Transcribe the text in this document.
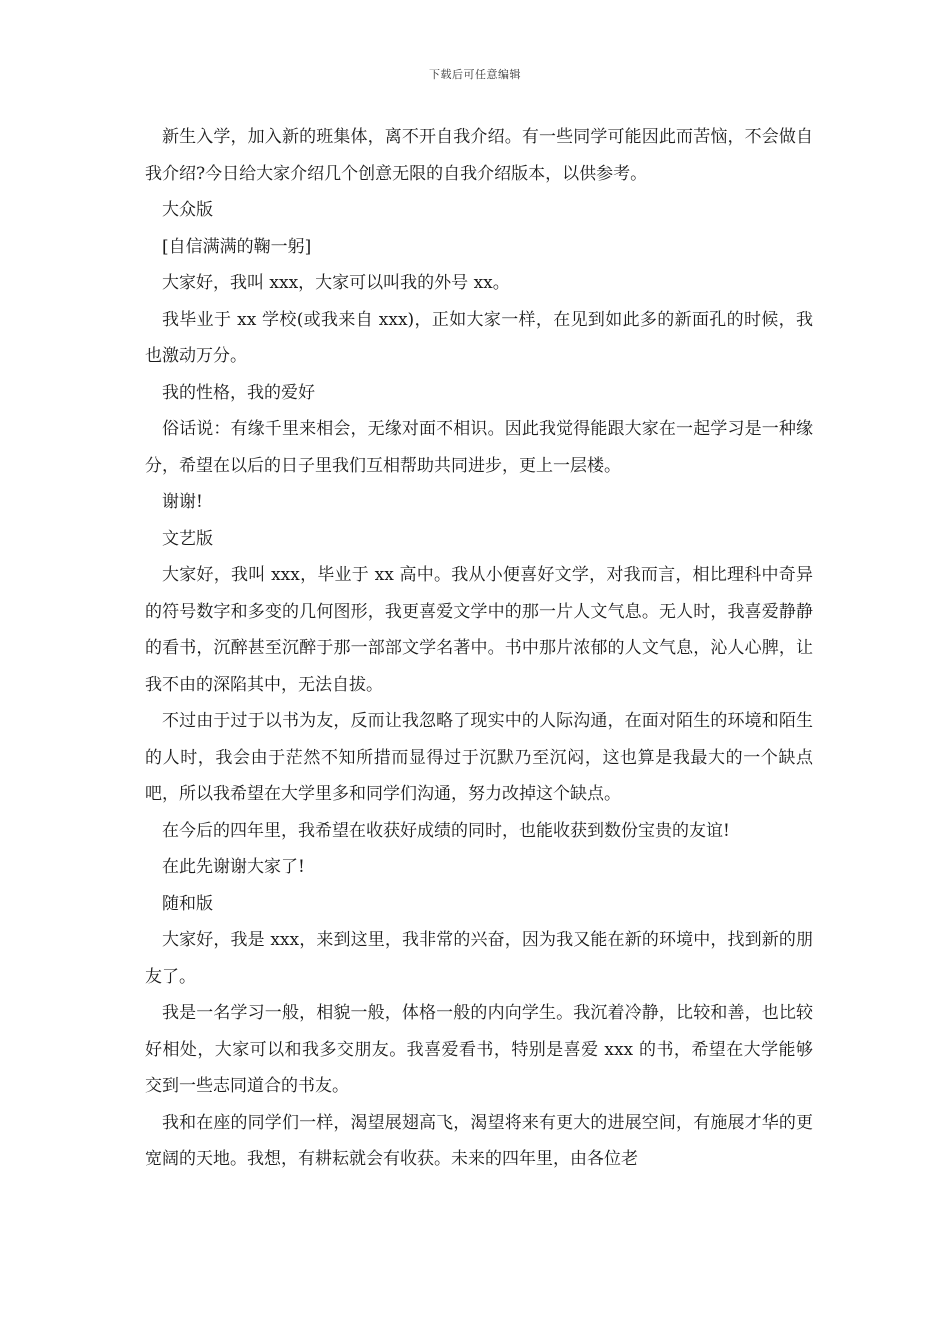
下载后可任意编辑

新生入学，加入新的班集体，离不开自我介绍。有一些同学可能因此而苦恼，不会做自我介绍?今日给大家介绍几个创意无限的自我介绍版本，以供参考。

大众版

[自信满满的鞠一躬]

大家好，我叫 xxx，大家可以叫我的外号 xx。

我毕业于 xx 学校(或我来自 xxx)，正如大家一样，在见到如此多的新面孔的时候，我也激动万分。

我的性格，我的爱好

俗话说：有缘千里来相会，无缘对面不相识。因此我觉得能跟大家在一起学习是一种缘分，希望在以后的日子里我们互相帮助共同进步，更上一层楼。

谢谢!

文艺版

大家好，我叫 xxx，毕业于 xx 高中。我从小便喜好文学，对我而言，相比理科中奇异的符号数字和多变的几何图形，我更喜爱文学中的那一片人文气息。无人时，我喜爱静静的看书，沉醉甚至沉醉于那一部部文学名著中。书中那片浓郁的人文气息，沁人心脾，让我不由的深陷其中，无法自拔。

不过由于过于以书为友，反而让我忽略了现实中的人际沟通，在面对陌生的环境和陌生的人时，我会由于茫然不知所措而显得过于沉默乃至沉闷，这也算是我最大的一个缺点吧，所以我希望在大学里多和同学们沟通，努力改掉这个缺点。

在今后的四年里，我希望在收获好成绩的同时，也能收获到数份宝贵的友谊!

在此先谢谢大家了!

随和版

大家好，我是 xxx，来到这里，我非常的兴奋，因为我又能在新的环境中，找到新的朋友了。

我是一名学习一般，相貌一般，体格一般的内向学生。我沉着冷静，比较和善，也比较好相处，大家可以和我多交朋友。我喜爱看书，特别是喜爱 xxx 的书，希望在大学能够交到一些志同道合的书友。

我和在座的同学们一样，渴望展翅高飞，渴望将来有更大的进展空间，有施展才华的更宽阔的天地。我想，有耕耘就会有收获。未来的四年里，由各位老
